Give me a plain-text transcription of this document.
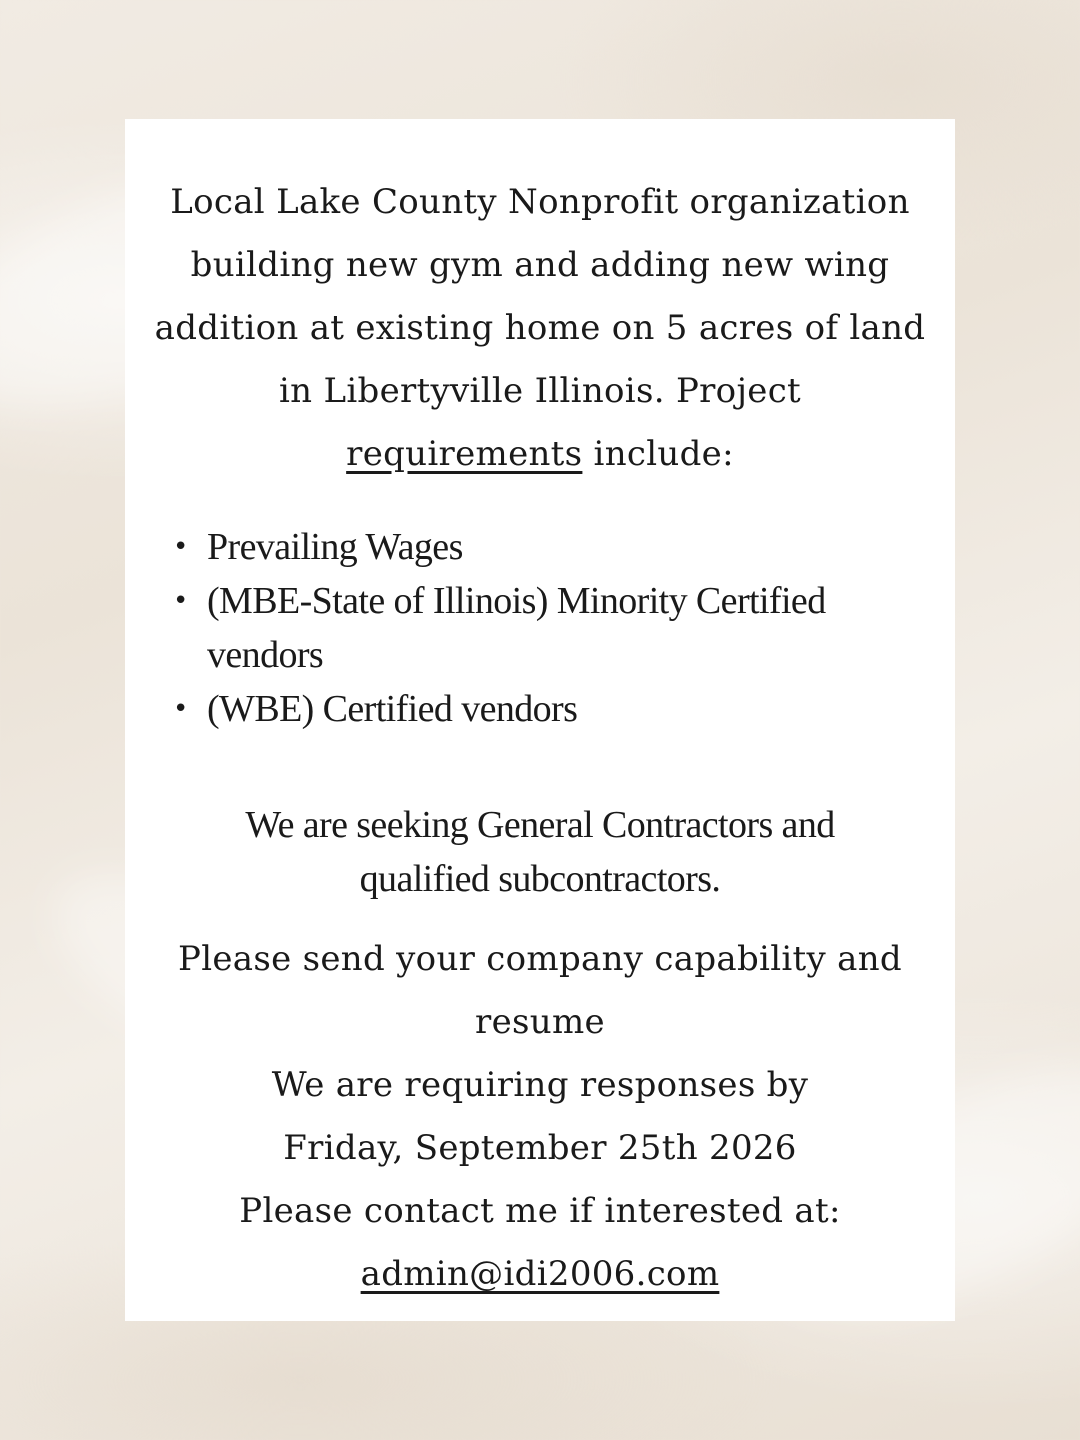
Local Lake County Nonprofit organization building new gym and adding new wing addition at existing home on 5 acres of land in Libertyville Illinois. Project
requirements include:

• Prevailing Wages
• (MBE-State of Illinois) Minority Certified vendors
• (WBE) Certified vendors

We are seeking General Contractors and qualified subcontractors.

Please send your company capability and resume
We are requiring responses by Friday, September 25th 2026
Please contact me if interested at:
admin@idi2006.com
